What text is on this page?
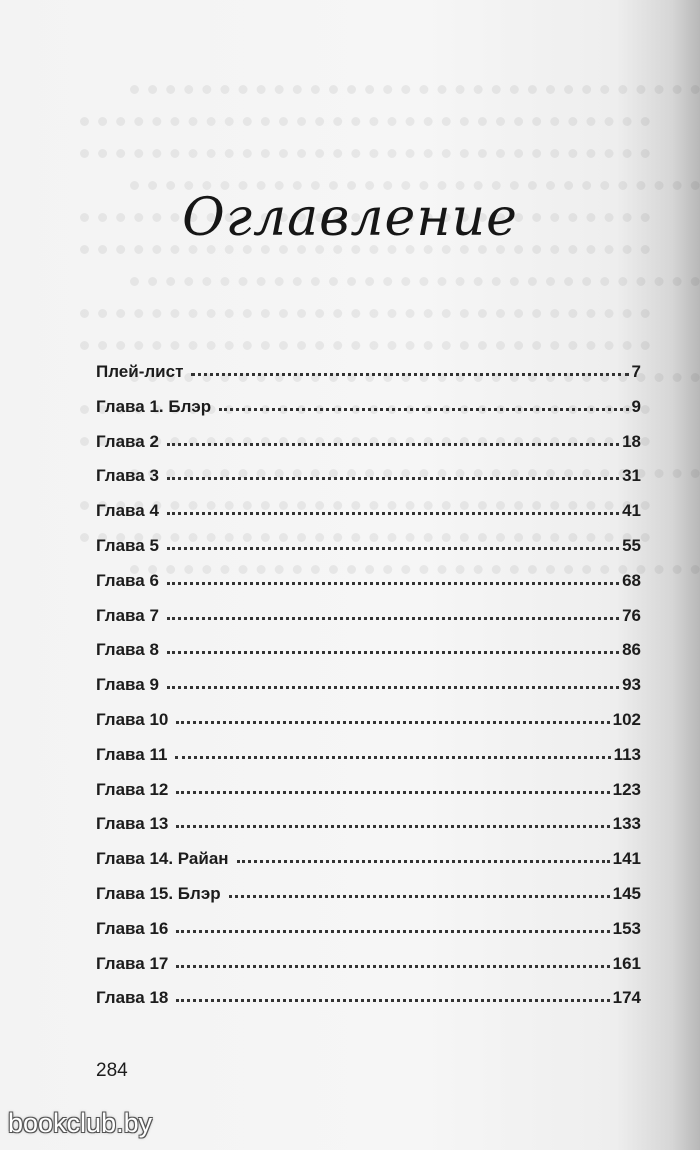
Оглавление
Плей-лист	7
Глава 1. Блэр	9
Глава 2	18
Глава 3	31
Глава 4	41
Глава 5	55
Глава 6	68
Глава 7	76
Глава 8	86
Глава 9	93
Глава 10	102
Глава 11	113
Глава 12	123
Глава 13	133
Глава 14. Райан	141
Глава 15. Блэр	145
Глава 16	153
Глава 17	161
Глава 18	174
284
bookclub.by
